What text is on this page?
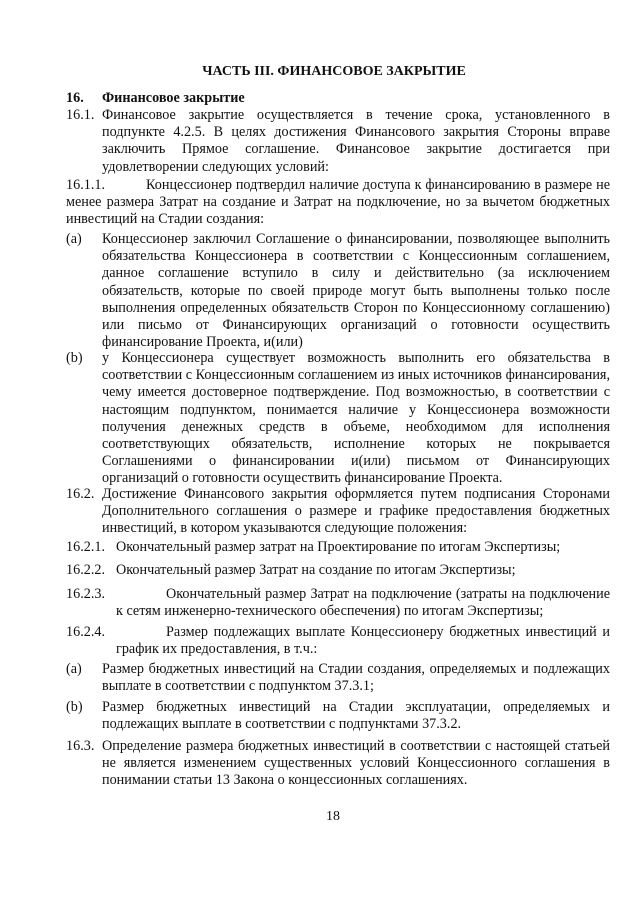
ЧАСТЬ III. ФИНАНСОВОЕ ЗАКРЫТИЕ
16.	Финансовое закрытие
16.1. Финансовое закрытие осуществляется в течение срока, установленного в подпункте 4.2.5. В целях достижения Финансового закрытия Стороны вправе заключить Прямое соглашение. Финансовое закрытие достигается при удовлетворении следующих условий:
16.1.1.	Концессионер подтвердил наличие доступа к финансированию в размере не менее размера Затрат на создание и Затрат на подключение, но за вычетом бюджетных инвестиций на Стадии создания:
(a)	Концессионер заключил Соглашение о финансировании, позволяющее выполнить обязательства Концессионера в соответствии с Концессионным соглашением, данное соглашение вступило в силу и действительно (за исключением обязательств, которые по своей природе могут быть выполнены только после выполнения определенных обязательств Сторон по Концессионному соглашению) или письмо от Финансирующих организаций о готовности осуществить финансирование Проекта, и(или)
(b)	у Концессионера существует возможность выполнить его обязательства в соответствии с Концессионным соглашением из иных источников финансирования, чему имеется достоверное подтверждение. Под возможностью, в соответствии с настоящим подпунктом, понимается наличие у Концессионера возможности получения денежных средств в объеме, необходимом для исполнения соответствующих обязательств, исполнение которых не покрывается Соглашениями о финансировании и(или) письмом от Финансирующих организаций о готовности осуществить финансирование Проекта.
16.2. Достижение Финансового закрытия оформляется путем подписания Сторонами Дополнительного соглашения о размере и графике предоставления бюджетных инвестиций, в котором указываются следующие положения:
16.2.1. Окончательный размер затрат на Проектирование по итогам Экспертизы;
16.2.2. Окончательный размер Затрат на создание по итогам Экспертизы;
16.2.3.	Окончательный размер Затрат на подключение (затраты на подключение к сетям инженерно-технического обеспечения) по итогам Экспертизы;
16.2.4.	Размер подлежащих выплате Концессионеру бюджетных инвестиций и график их предоставления, в т.ч.:
(a)	Размер бюджетных инвестиций на Стадии создания, определяемых и подлежащих выплате в соответствии с подпунктом 37.3.1;
(b)	Размер бюджетных инвестиций на Стадии эксплуатации, определяемых и подлежащих выплате в соответствии с подпунктами 37.3.2.
16.3. Определение размера бюджетных инвестиций в соответствии с настоящей статьей не является изменением существенных условий Концессионного соглашения в понимании статьи 13 Закона о концессионных соглашениях.
18
